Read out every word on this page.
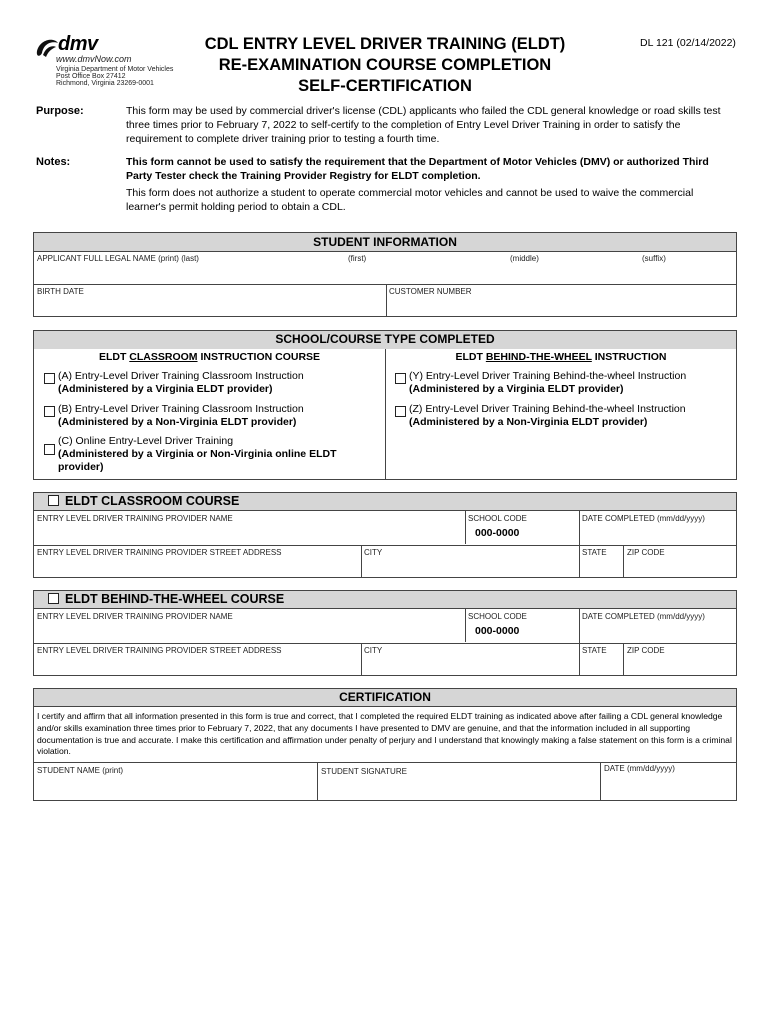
dmv
www.dmvNow.com
Virginia Department of Motor Vehicles
Post Office Box 27412
Richmond, Virginia 23269-0001
CDL ENTRY LEVEL DRIVER TRAINING (ELDT)
RE-EXAMINATION COURSE COMPLETION
SELF-CERTIFICATION
DL 121 (02/14/2022)
Purpose:	This form may be used by commercial driver's license (CDL) applicants who failed the CDL general knowledge or road skills test three times prior to February 7, 2022 to self-certify to the completion of Entry Level Driver Training in order to satisfy the requirement to complete driver training prior to testing a fourth time.
Notes:	This form cannot be used to satisfy the requirement that the Department of Motor Vehicles (DMV) or authorized Third Party Tester check the Training Provider Registry for ELDT completion.
This form does not authorize a student to operate commercial motor vehicles and cannot be used to waive the commercial learner's permit holding period to obtain a CDL.
STUDENT INFORMATION
APPLICANT FULL LEGAL NAME (print) (last)	(first)	(middle)	(suffix)
BIRTH DATE	CUSTOMER NUMBER
SCHOOL/COURSE TYPE COMPLETED
ELDT CLASSROOM INSTRUCTION COURSE	ELDT BEHIND-THE-WHEEL INSTRUCTION
(A) Entry-Level Driver Training Classroom Instruction
(Administered by a Virginia ELDT provider)
(B) Entry-Level Driver Training Classroom Instruction
(Administered by a Non-Virginia ELDT provider)
(C) Online Entry-Level Driver Training
(Administered by a Virginia or Non-Virginia online ELDT
provider)
(Y) Entry-Level Driver Training Behind-the-wheel Instruction
(Administered by a Virginia ELDT provider)
(Z) Entry-Level Driver Training Behind-the-wheel Instruction
(Administered by a Non-Virginia ELDT provider)
ELDT CLASSROOM COURSE
ENTRY LEVEL DRIVER TRAINING PROVIDER NAME	SCHOOL CODE
000-0000
DATE COMPLETED (mm/dd/yyyy)
ENTRY LEVEL DRIVER TRAINING PROVIDER STREET ADDRESS	CITY	STATE	ZIP CODE
ELDT BEHIND-THE-WHEEL COURSE
ENTRY LEVEL DRIVER TRAINING PROVIDER NAME	SCHOOL CODE
000-0000
DATE COMPLETED (mm/dd/yyyy)
ENTRY LEVEL DRIVER TRAINING PROVIDER STREET ADDRESS	CITY	STATE	ZIP CODE
CERTIFICATION
I certify and affirm that all information presented in this form is true and correct, that I completed the required ELDT training as indicated above after failing a CDL general knowledge and/or skills examination three times prior to February 7, 2022, that any documents I have presented to DMV are genuine, and that the information included in all supporting documentation is true and accurate. I make this certification and affirmation under penalty of perjury and I understand that knowingly making a false statement on this form is a criminal violation.
STUDENT NAME (print)	STUDENT SIGNATURE	DATE (mm/dd/yyyy)
